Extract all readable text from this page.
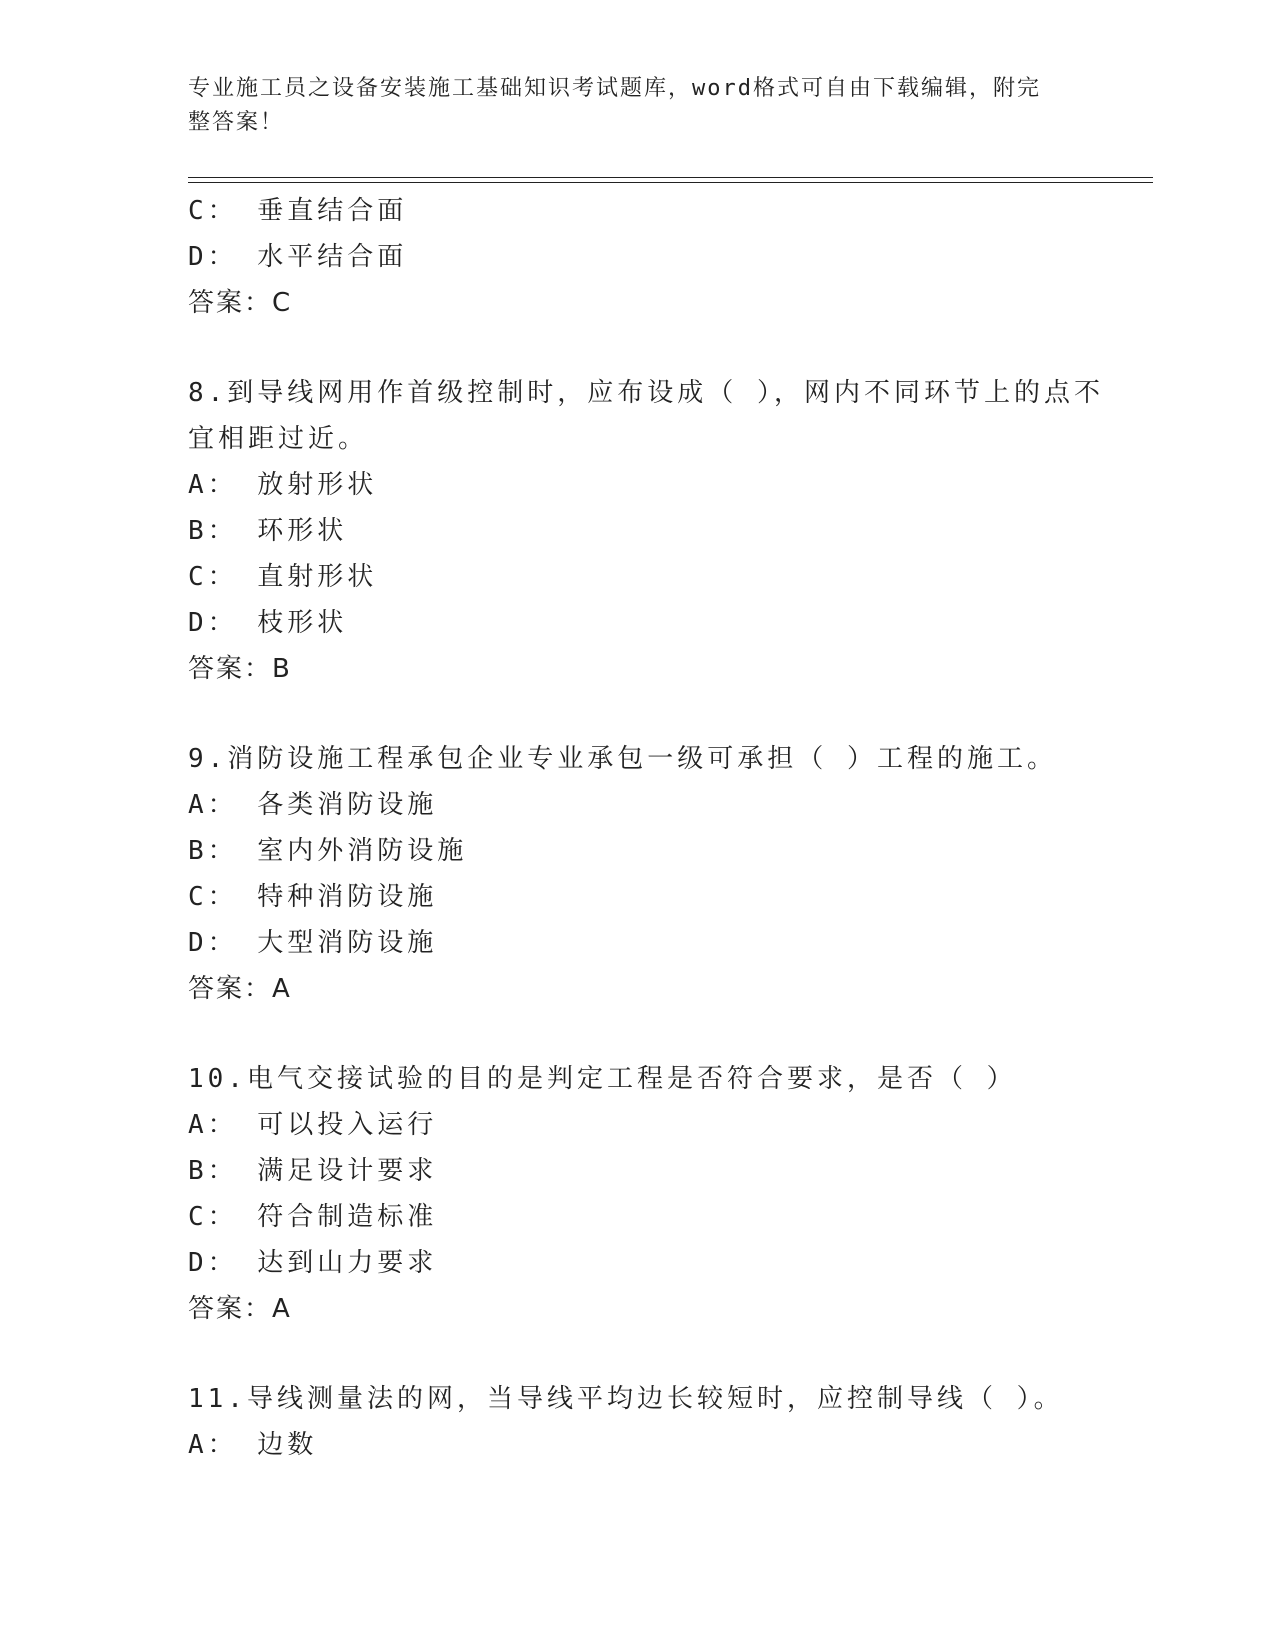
专业施工员之设备安装施工基础知识考试题库，word格式可自由下载编辑，附完
整答案！
C： 垂直结合面
D： 水平结合面
答案：C
8.到导线网用作首级控制时，应布设成（ ），网内不同环节上的点不
宜相距过近。
A： 放射形状
B： 环形状
C： 直射形状
D： 枝形状
答案：B
9.消防设施工程承包企业专业承包一级可承担（ ）工程的施工。
A： 各类消防设施
B： 室内外消防设施
C： 特种消防设施
D： 大型消防设施
答案：A
10.电气交接试验的目的是判定工程是否符合要求，是否（ ）
A： 可以投入运行
B： 满足设计要求
C： 符合制造标准
D： 达到山力要求
答案：A
11.导线测量法的网，当导线平均边长较短时，应控制导线（ ）。
A： 边数
